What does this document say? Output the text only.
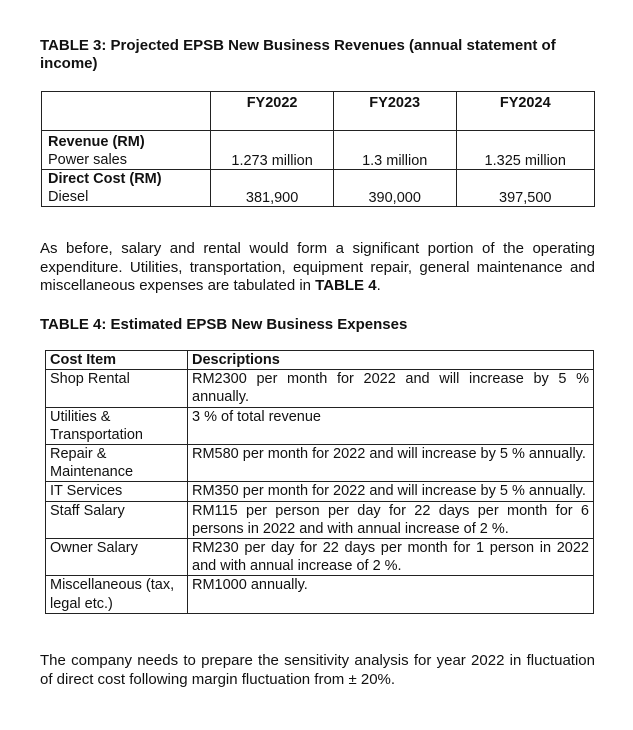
TABLE 3: Projected EPSB New Business Revenues (annual statement of income)

	FY2022	FY2023	FY2024

Revenue (RM)
Power sales	1.273 million	1.3 million	1.325 million

Direct Cost (RM)
Diesel	381,900	390,000	397,500

As before, salary and rental would form a significant portion of the operating expenditure. Utilities, transportation, equipment repair, general maintenance and miscellaneous expenses are tabulated in TABLE 4.

TABLE 4: Estimated EPSB New Business Expenses

Cost Item	Descriptions
Shop Rental	RM2300 per month for 2022 and will increase by 5 % annually.
Utilities & Transportation	3 % of total revenue
Repair & Maintenance	RM580 per month for 2022 and will increase by 5 % annually.
IT Services	RM350 per month for 2022 and will increase by 5 % annually.
Staff Salary	RM115 per person per day for 22 days per month for 6 persons in 2022 and with annual increase of 2 %.
Owner Salary	RM230 per day for 22 days per month for 1 person in 2022 and with annual increase of 2 %.
Miscellaneous (tax, legal etc.)	RM1000 annually.

The company needs to prepare the sensitivity analysis for year 2022 in fluctuation of direct cost following margin fluctuation from ± 20%.
